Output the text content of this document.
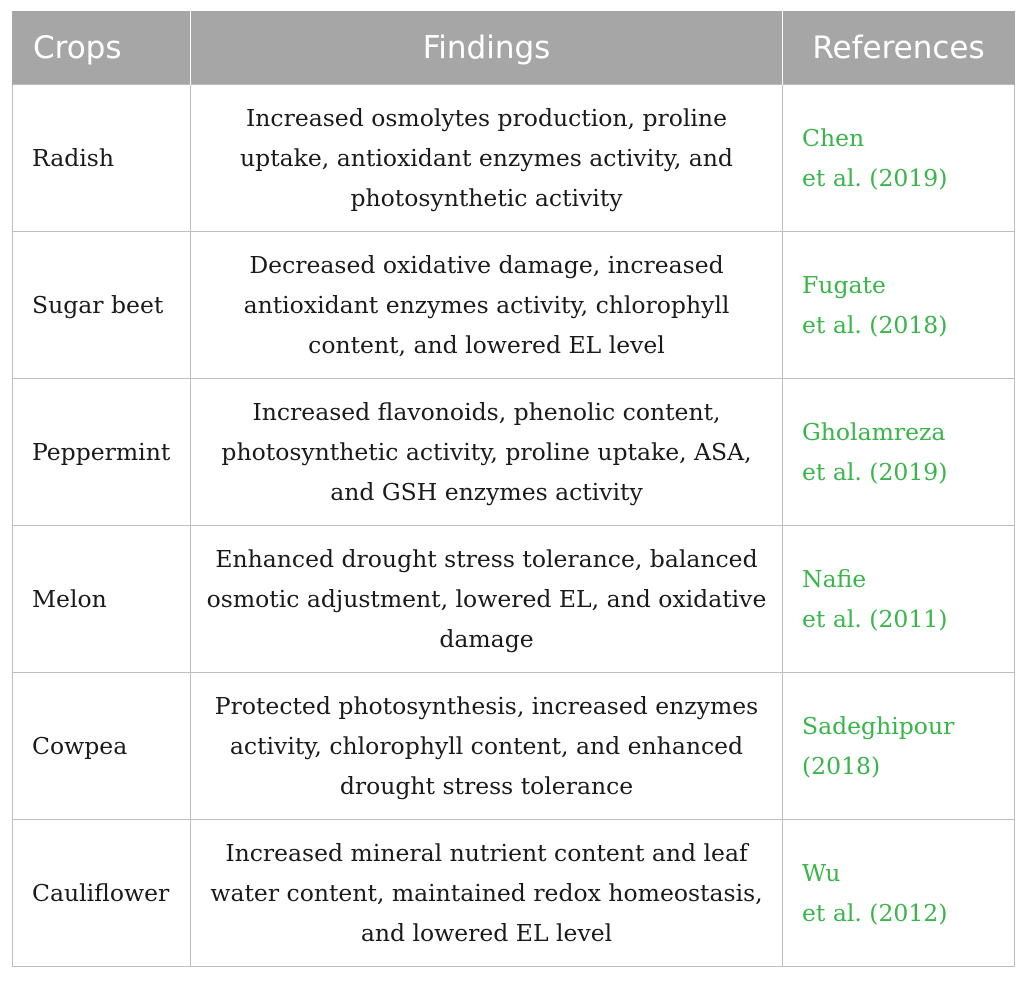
Crops	Findings	References
Radish	Increased osmolytes production, proline uptake, antioxidant enzymes activity, and photosynthetic activity	Chen
et al. (2019)

Sugar beet	Decreased oxidative damage, increased antioxidant enzymes activity, chlorophyll content, and lowered EL level	Fugate
et al. (2018)

Peppermint	Increased flavonoids, phenolic content, photosynthetic activity, proline uptake, ASA, and GSH enzymes activity	Gholamreza
et al. (2019)

Melon	Enhanced drought stress tolerance, balanced osmotic adjustment, lowered EL, and oxidative damage	Nafie
et al. (2011)

Cowpea	Protected photosynthesis, increased enzymes activity, chlorophyll content, and enhanced drought stress tolerance	Sadeghipour
(2018)

Cauliflower	Increased mineral nutrient content and leaf water content, maintained redox homeostasis, and lowered EL level	Wu
et al. (2012)
